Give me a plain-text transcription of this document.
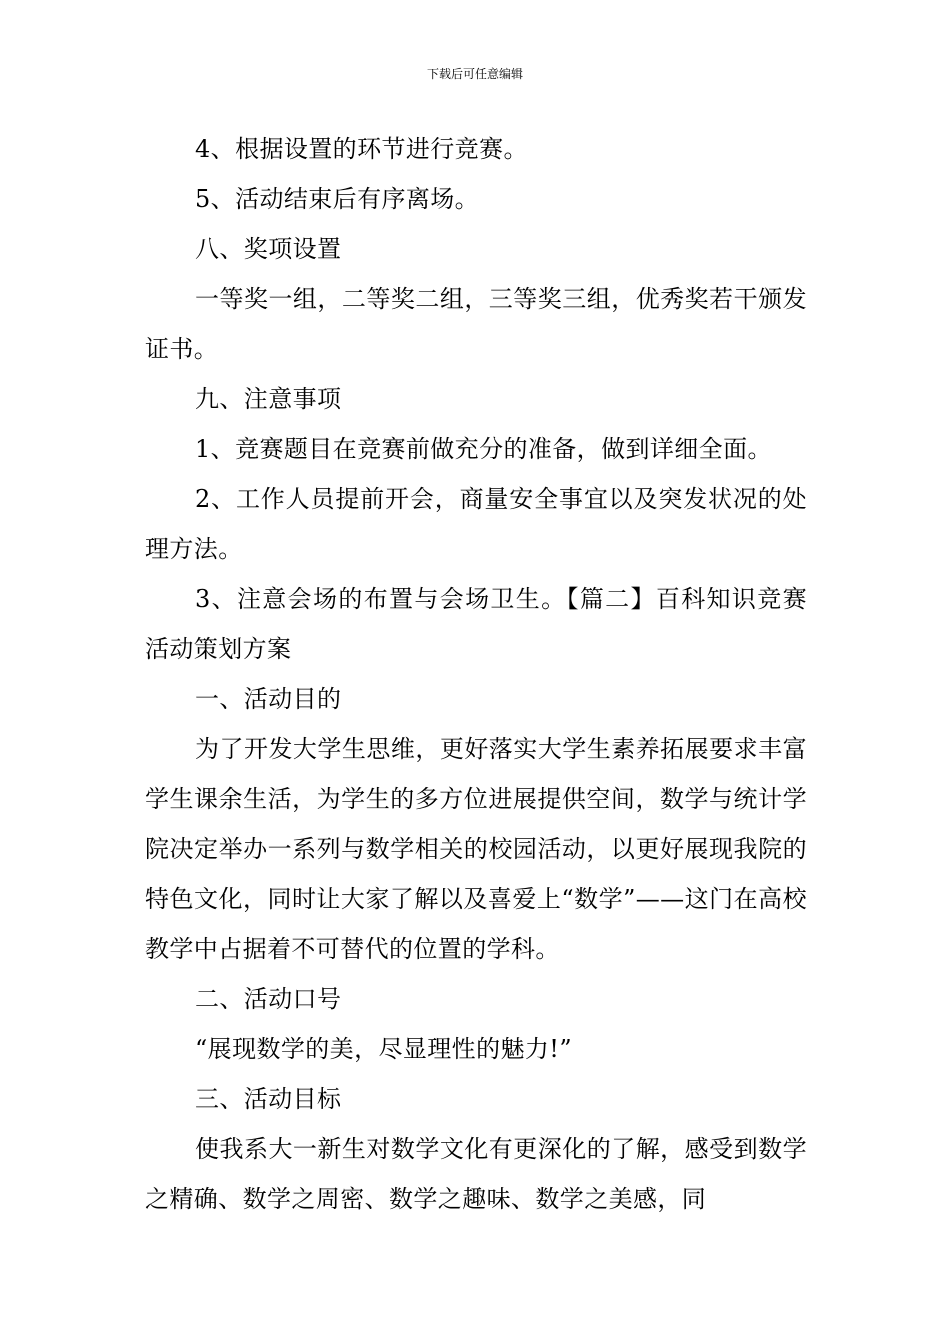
下载后可任意编辑

4、根据设置的环节进行竞赛。

5、活动结束后有序离场。

八、奖项设置

一等奖一组，二等奖二组，三等奖三组，优秀奖若干颁发证书。

九、注意事项

1、竞赛题目在竞赛前做充分的准备，做到详细全面。

2、工作人员提前开会，商量安全事宜以及突发状况的处理方法。

3、注意会场的布置与会场卫生。【篇二】百科知识竞赛活动策划方案

一、活动目的

为了开发大学生思维，更好落实大学生素养拓展要求丰富学生课余生活，为学生的多方位进展提供空间，数学与统计学院决定举办一系列与数学相关的校园活动，以更好展现我院的特色文化，同时让大家了解以及喜爱上“数学”——这门在高校教学中占据着不可替代的位置的学科。

二、活动口号

“展现数学的美，尽显理性的魅力!”

三、活动目标

使我系大一新生对数学文化有更深化的了解，感受到数学之精确、数学之周密、数学之趣味、数学之美感，同
